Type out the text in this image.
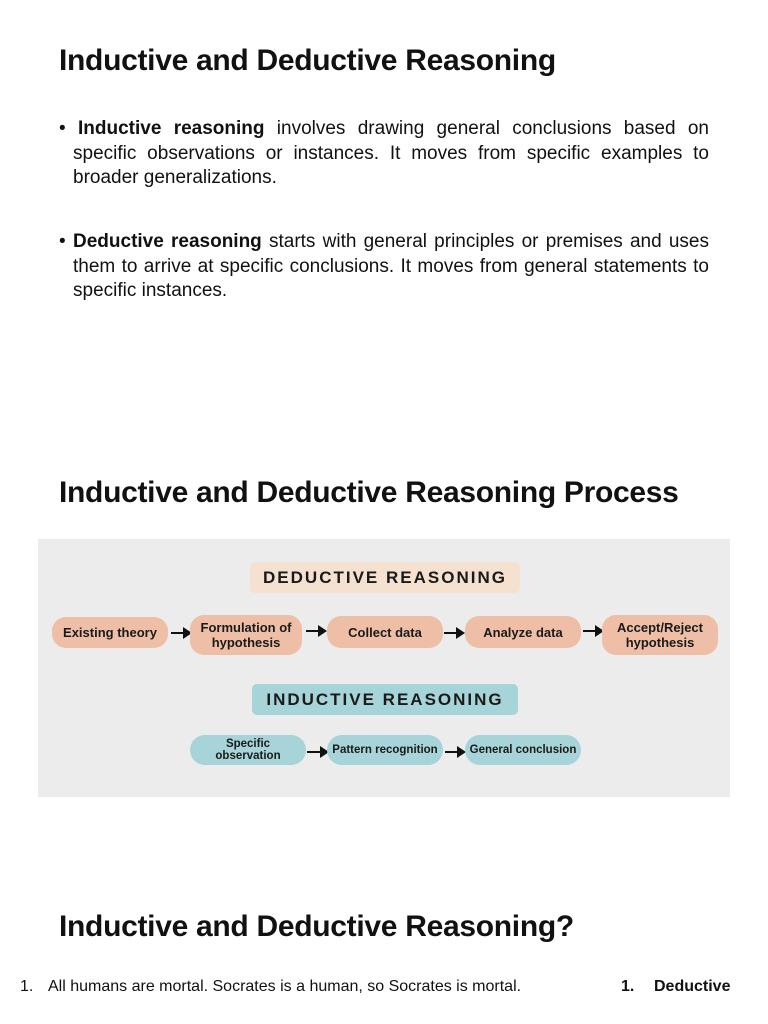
Inductive and Deductive Reasoning
• Inductive reasoning involves drawing general conclusions based on specific observations or instances. It moves from specific examples to broader generalizations.
• Deductive reasoning starts with general principles or premises and uses them to arrive at specific conclusions. It moves from general statements to specific instances.
Inductive and Deductive Reasoning Process
DEDUCTIVE REASONING
Existing theory	Formulation of hypothesis
Collect data	Analyze data	Accept/Reject hypothesis
INDUCTIVE REASONING
Specific observation	Pattern recognition	General conclusion
Inductive and Deductive Reasoning?
1. All humans are mortal. Socrates is a human, so Socrates is mortal.	1. Deductive
